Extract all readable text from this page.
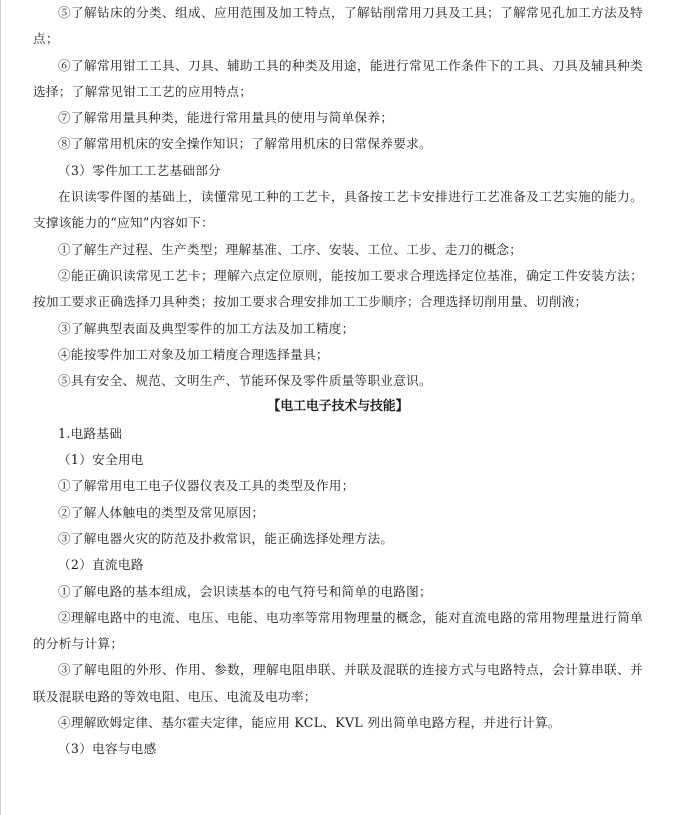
⑤了解钻床的分类、组成、应用范围及加工特点，了解钻削常用刀具及工具；了解常见孔加工方法及特点；

⑥了解常用钳工工具、刀具、辅助工具的种类及用途，能进行常见工作条件下的工具、刀具及辅具种类选择；了解常见钳工工艺的应用特点；

⑦了解常用量具种类，能进行常用量具的使用与简单保养；

⑧了解常用机床的安全操作知识；了解常用机床的日常保养要求。

（3）零件加工工艺基础部分

在识读零件图的基础上，读懂常见工种的工艺卡，具备按工艺卡安排进行工艺准备及工艺实施的能力。支撑该能力的“应知”内容如下：

①了解生产过程、生产类型；理解基准、工序、安装、工位、工步、走刀的概念；

②能正确识读常见工艺卡；理解六点定位原则，能按加工要求合理选择定位基准，确定工件安装方法；按加工要求正确选择刀具种类；按加工要求合理安排加工工步顺序；合理选择切削用量、切削液；

③了解典型表面及典型零件的加工方法及加工精度；

④能按零件加工对象及加工精度合理选择量具；

⑤具有安全、规范、文明生产、节能环保及零件质量等职业意识。

【电工电子技术与技能】

1.电路基础

（1）安全用电

①了解常用电工电子仪器仪表及工具的类型及作用；

②了解人体触电的类型及常见原因；

③了解电器火灾的防范及扑救常识，能正确选择处理方法。

（2）直流电路

①了解电路的基本组成，会识读基本的电气符号和简单的电路图；

②理解电路中的电流、电压、电能、电功率等常用物理量的概念，能对直流电路的常用物理量进行简单的分析与计算；

③了解电阻的外形、作用、参数，理解电阻串联、并联及混联的连接方式与电路特点，会计算串联、并联及混联电路的等效电阻、电压、电流及电功率；

④理解欧姆定律、基尔霍夫定律，能应用 KCL、KVL 列出简单电路方程，并进行计算。

（3）电容与电感
